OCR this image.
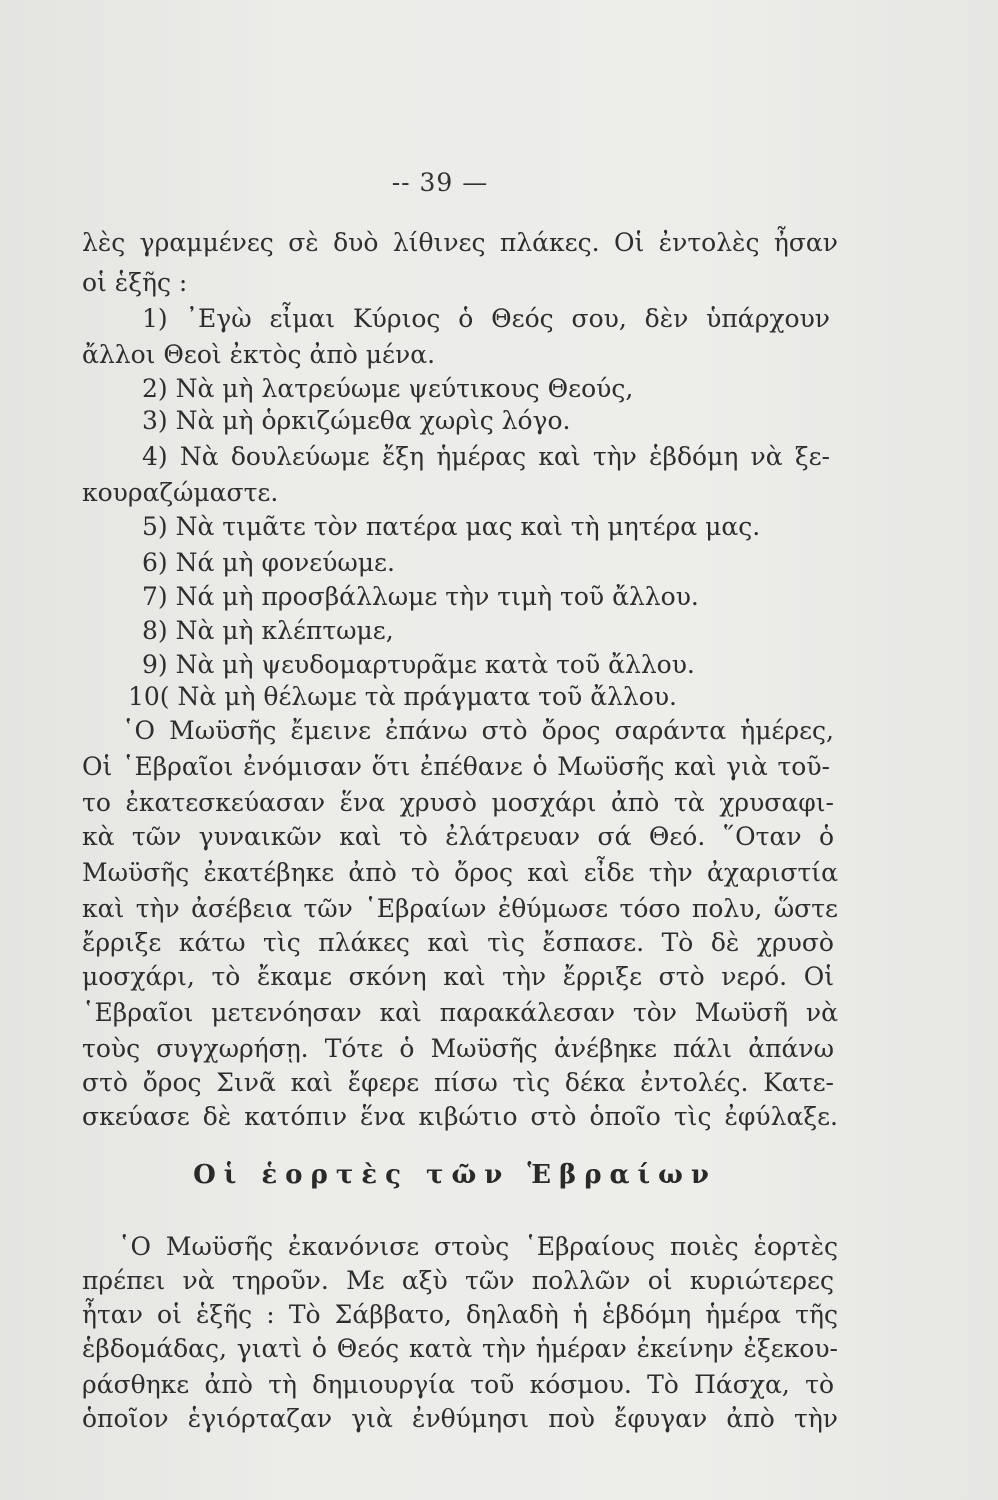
-- 39 —
λὲς γραμμένες σὲ δυὸ λίθινες πλάκες. Οἱ ἐντολὲς ἦσαν
οἱ ἑξῆς :
1) ᾿Εγὼ εἶμαι Κύριος ὁ Θεός σου, δὲν ὑπάρχουν
ἄλλοι Θεοὶ ἐκτὸς ἀπὸ μένα.
2) Νὰ μὴ λατρεύωμε ψεύτικους Θεούς,
3) Νὰ μὴ ὁρκιζώμεθα χωρὶς λόγο.
4) Νὰ δουλεύωμε ἔξη ἡμέρας καὶ τὴν ἑβδόμη νὰ ξε-
κουραζώμαστε.
5) Νὰ τιμᾶτε τὸν πατέρα μας καὶ τὴ μητέρα μας.
6) Νά μὴ φονεύωμε.
7) Νά μὴ προσβάλλωμε τὴν τιμὴ τοῦ ἄλλου.
8) Νὰ μὴ κλέπτωμε,
9) Νὰ μὴ ψευδομαρτυρᾶμε κατὰ τοῦ ἄλλου.
10( Νὰ μὴ θέλωμε τὰ πράγματα τοῦ ἄλλου.
῾Ο Μωϋσῆς ἔμεινε ἐπάνω στὸ ὄρος σαράντα ἡμέρες,
Οἱ ῾Εβραῖοι ἐνόμισαν ὅτι ἐπέθανε ὁ Μωϋσῆς καὶ γιὰ τοῦ-
το ἐκατεσκεύασαν ἕνα χρυσὸ μοσχάρι ἀπὸ τὰ χρυσαφι-
κὰ τῶν γυναικῶν καὶ τὸ ἐλάτρευαν σά Θεό. ῞Οταν ὁ
Μωϋσῆς ἐκατέβηκε ἀπὸ τὸ ὄρος καὶ εἶδε τὴν ἀχαριστία
καὶ τὴν ἀσέβεια τῶν ῾Εβραίων ἐθύμωσε τόσο πολυ, ὥστε
ἔρριξε κάτω τὶς πλάκες καὶ τὶς ἔσπασε. Τὸ δὲ χρυσὸ
μοσχάρι, τὸ ἔκαμε σκόνη καὶ τὴν ἔρριξε στὸ νερό. Οἱ
῾Εβραῖοι μετενόησαν καὶ παρακάλεσαν τὸν Μωϋσῆ νὰ
τοὺς συγχωρήσῃ. Τότε ὁ Μωϋσῆς ἀνέβηκε πάλι ἀπάνω
στὸ ὄρος Σινᾶ καὶ ἔφερε πίσω τὶς δέκα ἐντολές. Κατε-
σκεύασε δὲ κατόπιν ἕνα κιβώτιο στὸ ὁποῖο τὶς ἐφύλαξε.
Οἱ ἑορτὲς τῶν Ἑβραίων
῾Ο Μωϋσῆς ἐκανόνισε στοὺς ῾Εβραίους ποιὲς ἑορτὲς
πρέπει νὰ τηροῦν. Με αξὺ τῶν πολλῶν οἱ κυριώτερες
ἦταν οἱ ἑξῆς : Τὸ Σάββατο, δηλαδὴ ἡ ἑβδόμη ἡμέρα τῆς
ἑβδομάδας, γιατὶ ὁ Θεός κατὰ τὴν ἡμέραν ἐκείνην ἐξεκου-
ράσθηκε ἀπὸ τὴ δημιουργία τοῦ κόσμου. Τὸ Πάσχα, τὸ
ὁποῖον ἑγιόρταζαν γιὰ ἐνθύμησι ποὺ ἔφυγαν ἀπὸ τὴν
